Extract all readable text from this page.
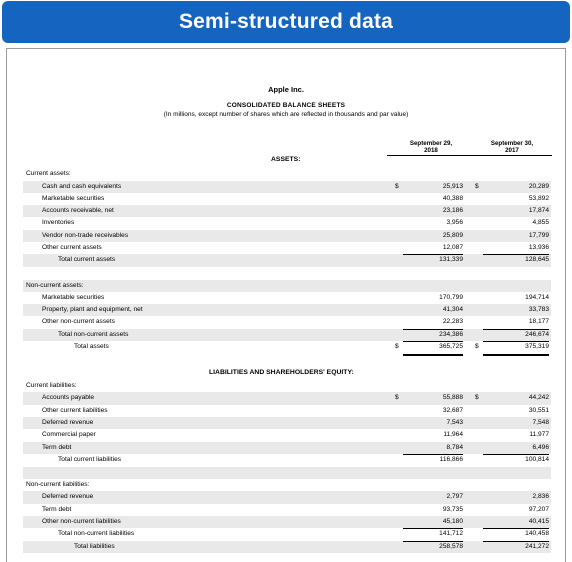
Semi-structured data
Apple Inc.
CONSOLIDATED BALANCE SHEETS
(In millions, except number of shares which are reflected in thousands and par value)
September 29,
2018
September 30,
2017
ASSETS:
LIABILITIES AND SHAREHOLDERS' EQUITY:
Current assets:
Cash and cash equivalents	$	25,913 $	20,289
Marketable securities	40,388	53,892
Accounts receivable, net	23,186	17,874
Inventories	3,956	4,855
Vendor non-trade receivables	25,809	17,799
Other current assets	12,087	13,936
Total current assets	131,339	128,645
Non-current assets:
Marketable securities	170,799	194,714
Property, plant and equipment, net	41,304	33,783
Other non-current assets	22,283	18,177
Total non-current assets	234,386	246,674
Total assets	$	365,725 $	375,319
Current liabilities:
Accounts payable	$	55,888 $	44,242
Other current liabilities	32,687	30,551
Deferred revenue	7,543	7,548
Commercial paper	11,964	11,977
Term debt	8,784	6,496
Total current liabilities	116,866	100,814
Non-current liabilities:
Deferred revenue	2,797	2,836
Term debt	93,735	97,207
Other non-current liabilities	45,180	40,415
Total non-current liabilities	141,712	140,458
Total liabilities	258,578	241,272
